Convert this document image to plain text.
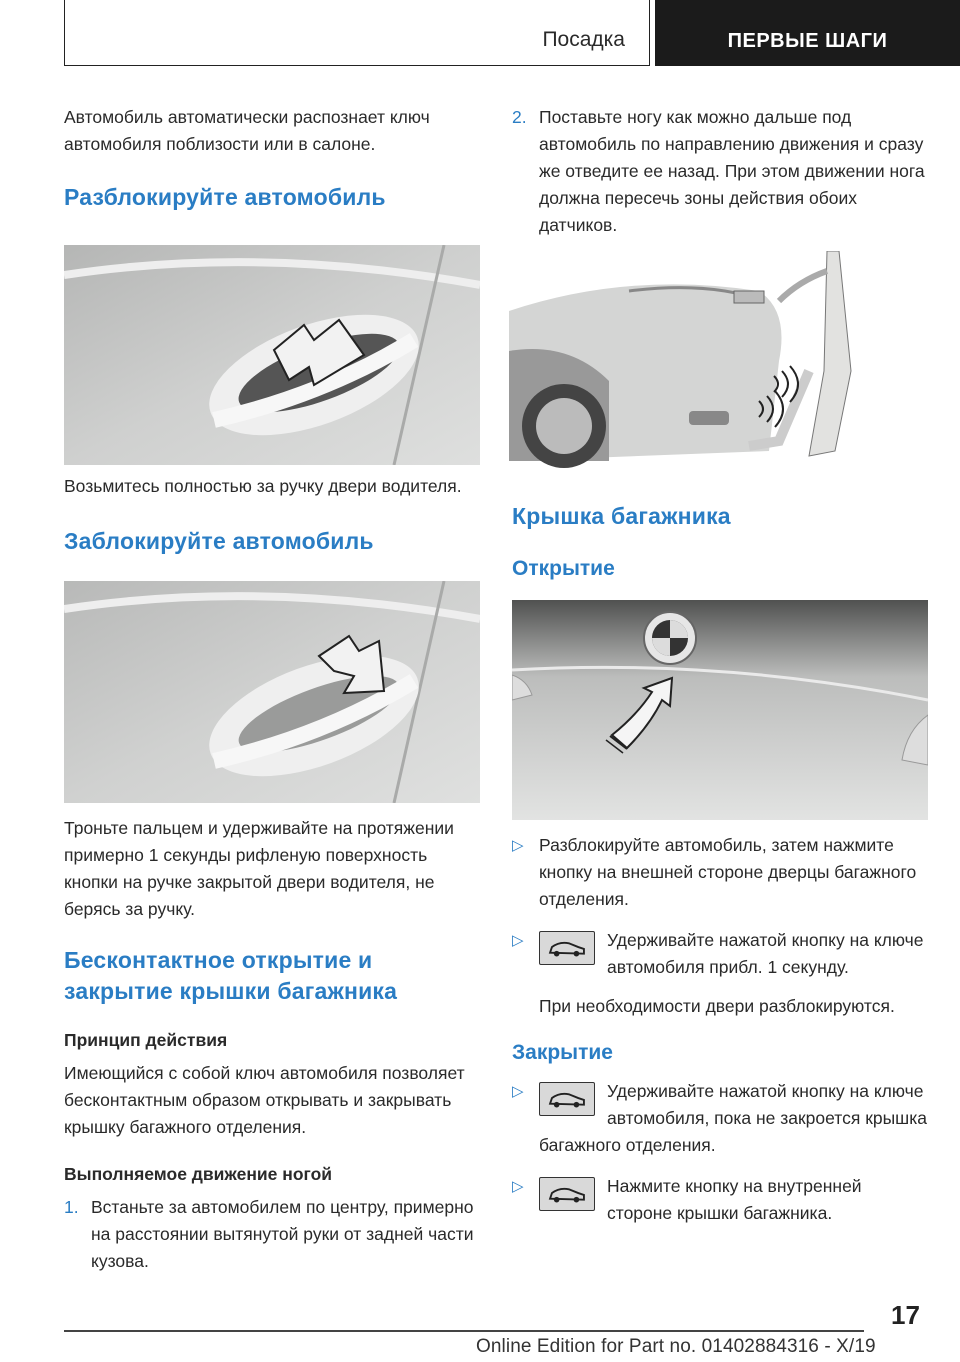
Посадка	ПЕРВЫЕ ШАГИ

Автомобиль автоматически распознает ключ автомобиля поблизости или в салоне.

Разблокируйте автомобиль

Возьмитесь полностью за ручку двери водителя.

Заблокируйте автомобиль

Троньте пальцем и удерживайте на протяжении примерно 1 секунды рифленую поверхность кнопки на ручке закрытой двери водителя, не берясь за ручку.

Бесконтактное открытие и закрытие крышки багажника
Принцип действия

Имеющийся с собой ключ автомобиля позволяет бесконтактным образом открывать и закрывать крышку багажного отделения.

Выполняемое движение ногой
1. Встаньте за автомобилем по центру, примерно на расстоянии вытянутой руки от задней части кузова.
2. Поставьте ногу как можно дальше под автомобиль по направлению движения и сразу же отведите ее назад. При этом движении нога должна пересечь зоны действия обоих датчиков.
Крышка багажника
Открытие
▷ Разблокируйте автомобиль, затем нажмите кнопку на внешней стороне дверцы багажного отделения.
▷	Удерживайте нажатой кнопку на ключе автомобиля прибл. 1 секунду.

При необходимости двери разблокируются.

Закрытие
▷	Удерживайте нажатой кнопку на ключе автомобиля, пока не закроется крышка багажного отделения.
▷	Нажмите кнопку на внутренней стороне крышки багажника.
17
Online Edition for Part no. 01402884316 - X/19
